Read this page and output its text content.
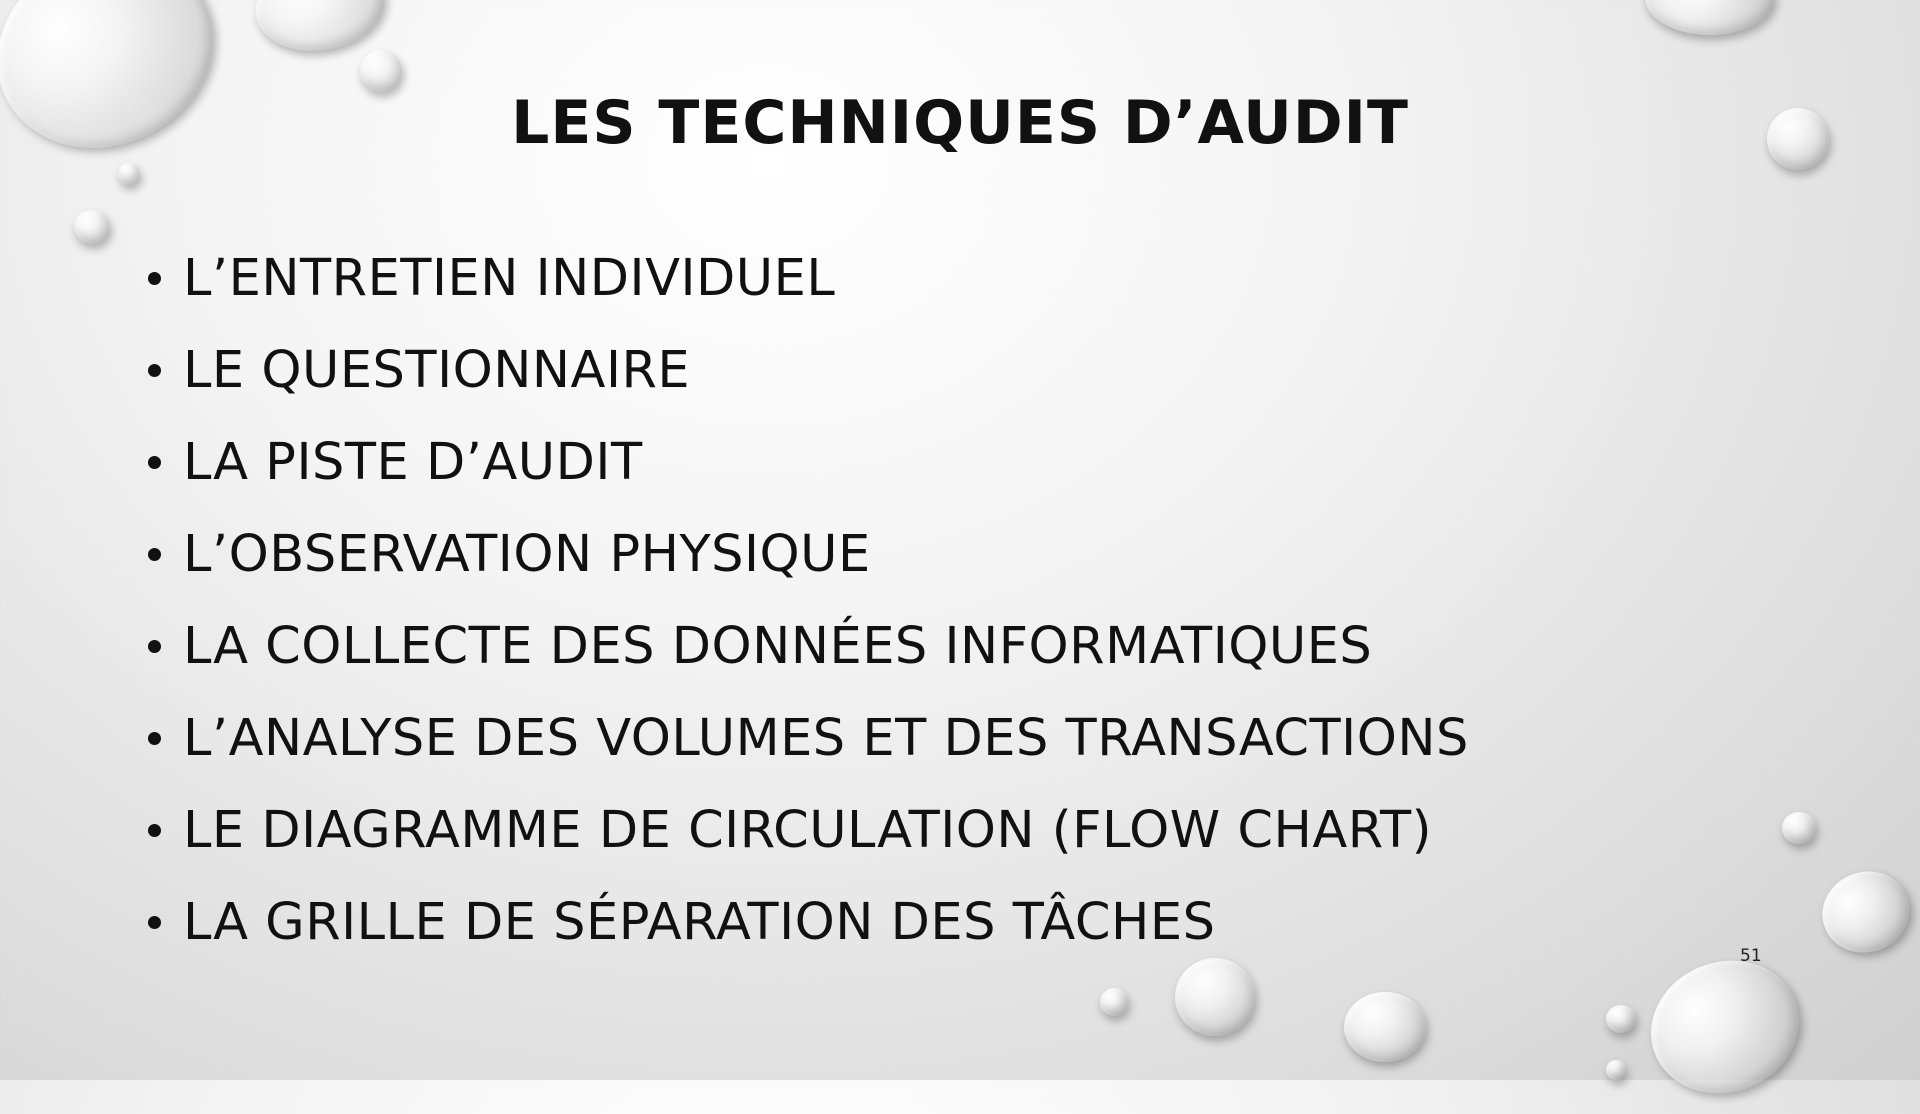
LES TECHNIQUES D’AUDIT
L’ENTRETIEN INDIVIDUEL
LE QUESTIONNAIRE
LA PISTE D’AUDIT
L’OBSERVATION PHYSIQUE
LA COLLECTE DES DONNÉES INFORMATIQUES
L’ANALYSE DES VOLUMES ET DES TRANSACTIONS
LE DIAGRAMME DE CIRCULATION (FLOW CHART)
LA GRILLE DE SÉPARATION DES TÂCHES
51
